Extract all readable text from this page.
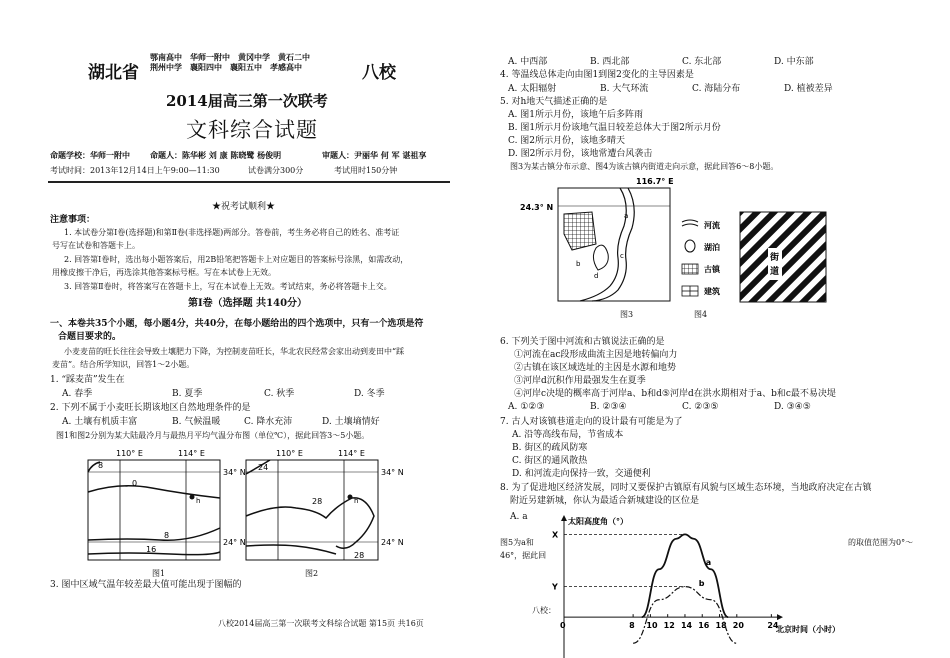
湖北省
鄂南高中　华师一附中　黄冈中学　黄石二中
荆州中学　襄阳四中　襄阳五中　孝感高中	八校
2014届高三第一次联考
文科综合试题
命题学校：华师一附中	命题人：陈华彬 刘 康 陈晓鹭 杨俊明	审题人：尹丽华 何 军 谌祖享
考试时间：2013年12月14日上午9:00—11:30	试卷满分300分	考试用时150分钟
★祝考试顺利★
注意事项：
1. 本试卷分第Ⅰ卷(选择题)和第Ⅱ卷(非选择题)两部分。答卷前，考生务必将自己的姓名、准考证
号写在试卷和答题卡上。
2. 回答第Ⅰ卷时，选出每小题答案后，用2B铅笔把答题卡上对应题目的答案标号涂黑，如需改动，
用橡皮擦干净后，再选涂其他答案标号框。写在本试卷上无效。
3. 回答第Ⅱ卷时，将答案写在答题卡上，写在本试卷上无效。考试结束，务必将答题卡上交。
第Ⅰ卷（选择题 共140分）
一、本卷共35个小题，每小题4分，共40分，在每小题给出的四个选项中，只有一个选项是符
合题目要求的。
小麦麦苗的旺长往往会导致土壤肥力下降，为控制麦苗旺长，华北农民经常会家出动到麦田中“踩
麦苗”。结合所学知识，回答1～2小题。
1. “踩麦苗”发生在
A. 春季	B. 夏季	C. 秋季	D. 冬季
2. 下列不属于小麦旺长期该地区自然地理条件的是
A. 土壤有机质丰富	B. 气候温暖	C. 降水充沛	D. 土壤墒情好
图1和图2分别为某大陆最冷月与最热月平均气温分布图（单位℃），据此回答3～5小题。
110° E	114° E
34° N
24° N
8
0
8
16
h
图1
110° E	114° E
34° N
24° N
24
28
28
h
图2
3. 图中区域气温年较差最大值可能出现于图幅的
八校2014届高三第一次联考文科综合试题 第15页 共16页
A. 中西部	B. 西北部	C. 东北部	D. 中东部
4. 等温线总体走向由图1到图2变化的主导因素是
A. 太阳辐射	B. 大气环流	C. 海陆分布	D. 植被差异
5. 对h地天气描述正确的是
A. 图1所示月份，该地午后多阵雨
B. 图1所示月份该地气温日较差总体大于图2所示月份
C. 图2所示月份，该地多晴天
D. 图2所示月份，该地常遭台风袭击
图3为某古镇分布示意、图4为该古镇内街道走向示意，据此回答6～8小题。
116.7° E
24.3° N
a
b
c
d
河流
湖泊
古镇
建筑
街
道
图3	图4
6. 下列关于图中河流和古镇说法正确的是
①河流在ac段形成曲流主因是地转偏向力
②古镇在该区域选址的主因是水源和地势
③河岸d沉积作用最强发生在夏季
④河岸c决堤的概率高于河岸a、b和d⑤河岸d在洪水期相对于a、b和c最不易决堤
A. ①②③	B. ②③④	C. ②③⑤	D. ③④⑤
7. 古人对该镇巷道走向的设计最有可能是为了
A. 沿等高线布局，节省成本
B. 街区的疏风防寒
C. 街区的通风散热
D. 和河流走向保持一致，交通便利
8. 为了促进地区经济发展，同时又要保护古镇原有风貌与区域生态环境，当地政府决定在古镇
附近另建新城，你认为最适合新城建设的区位是
A. a
图5为a和
46°，据此回
的取值范围为0°～
八校：
太阳高度角（°）
北京时间（小时）
X
Y
0	8 10 12 14 16 18 20	24
a
b
